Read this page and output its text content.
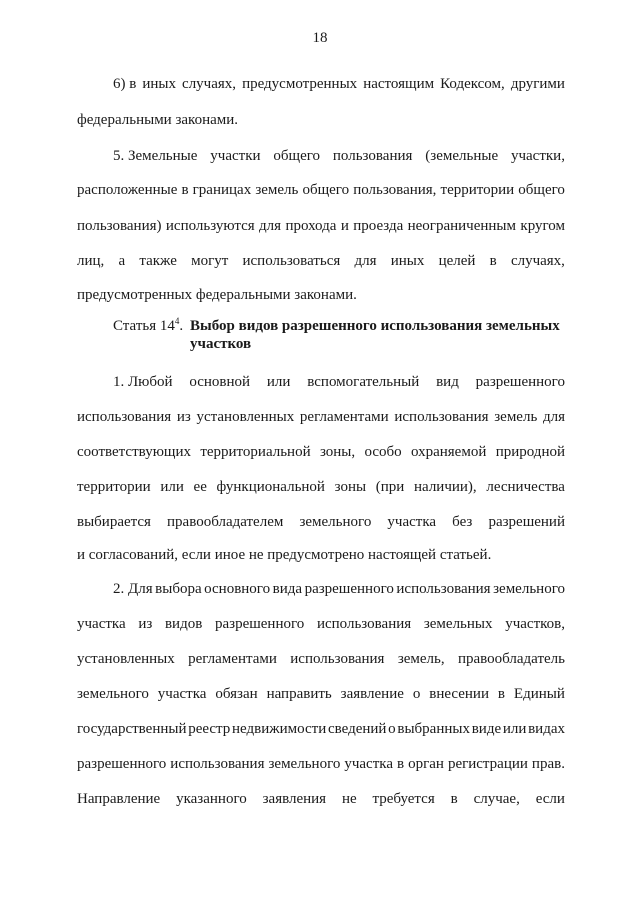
18
6) в иных случаях, предусмотренных настоящим Кодексом, другими
федеральными законами.
5. Земельные участки общего пользования (земельные участки,
расположенные в границах земель общего пользования, территории общего
пользования) используются для прохода и проезда неограниченным кругом
лиц, а также могут использоваться для иных целей в случаях,
предусмотренных федеральными законами.
Статья $14^4$. Выбор видов разрешенного использования земельных участков
1. Любой основной или вспомогательный вид разрешенного
использования из установленных регламентами использования земель для
соответствующих территориальной зоны, особо охраняемой природной
территории или ее функциональной зоны (при наличии), лесничества
выбирается правообладателем земельного участка без разрешений
и согласований, если иное не предусмотрено настоящей статьей.
2. Для выбора основного вида разрешенного использования земельного
участка из видов разрешенного использования земельных участков,
установленных регламентами использования земель, правообладатель
земельного участка обязан направить заявление о внесении в Единый
государственный реестр недвижимости сведений о выбранных виде или видах
разрешенного использования земельного участка в орган регистрации прав.
Направление указанного заявления не требуется в случае, если
